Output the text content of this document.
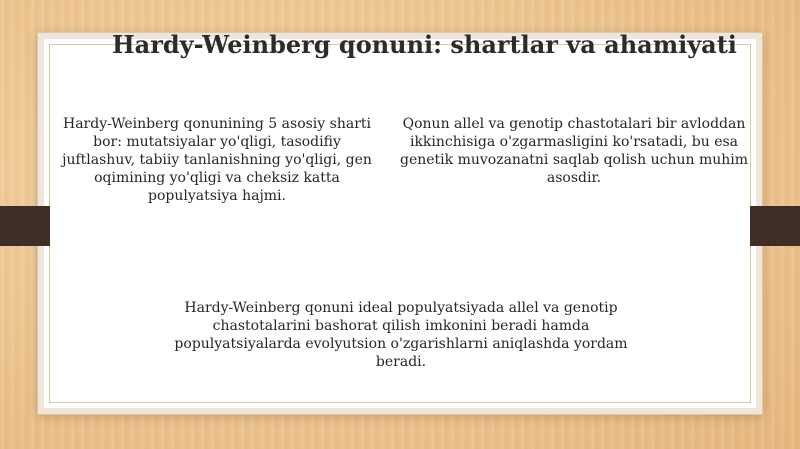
Hardy-Weinberg qonuni: shartlar va ahamiyati

Hardy-Weinberg qonunining 5 asosiy sharti bor: mutatsiyalar yo'qligi, tasodifiy juftlashuv, tabiiy tanlanishning yo'qligi, gen oqimining yo'qligi va cheksiz katta populyatsiya hajmi.

Qonun allel va genotip chastotalari bir avloddan ikkinchisiga o'zgarmasligini ko'rsatadi, bu esa genetik muvozanatni saqlab qolish uchun muhim asosdir.

Hardy-Weinberg qonuni ideal populyatsiyada allel va genotip chastotalarini bashorat qilish imkonini beradi hamda populyatsiyalarda evolyutsion o'zgarishlarni aniqlashda yordam beradi.
